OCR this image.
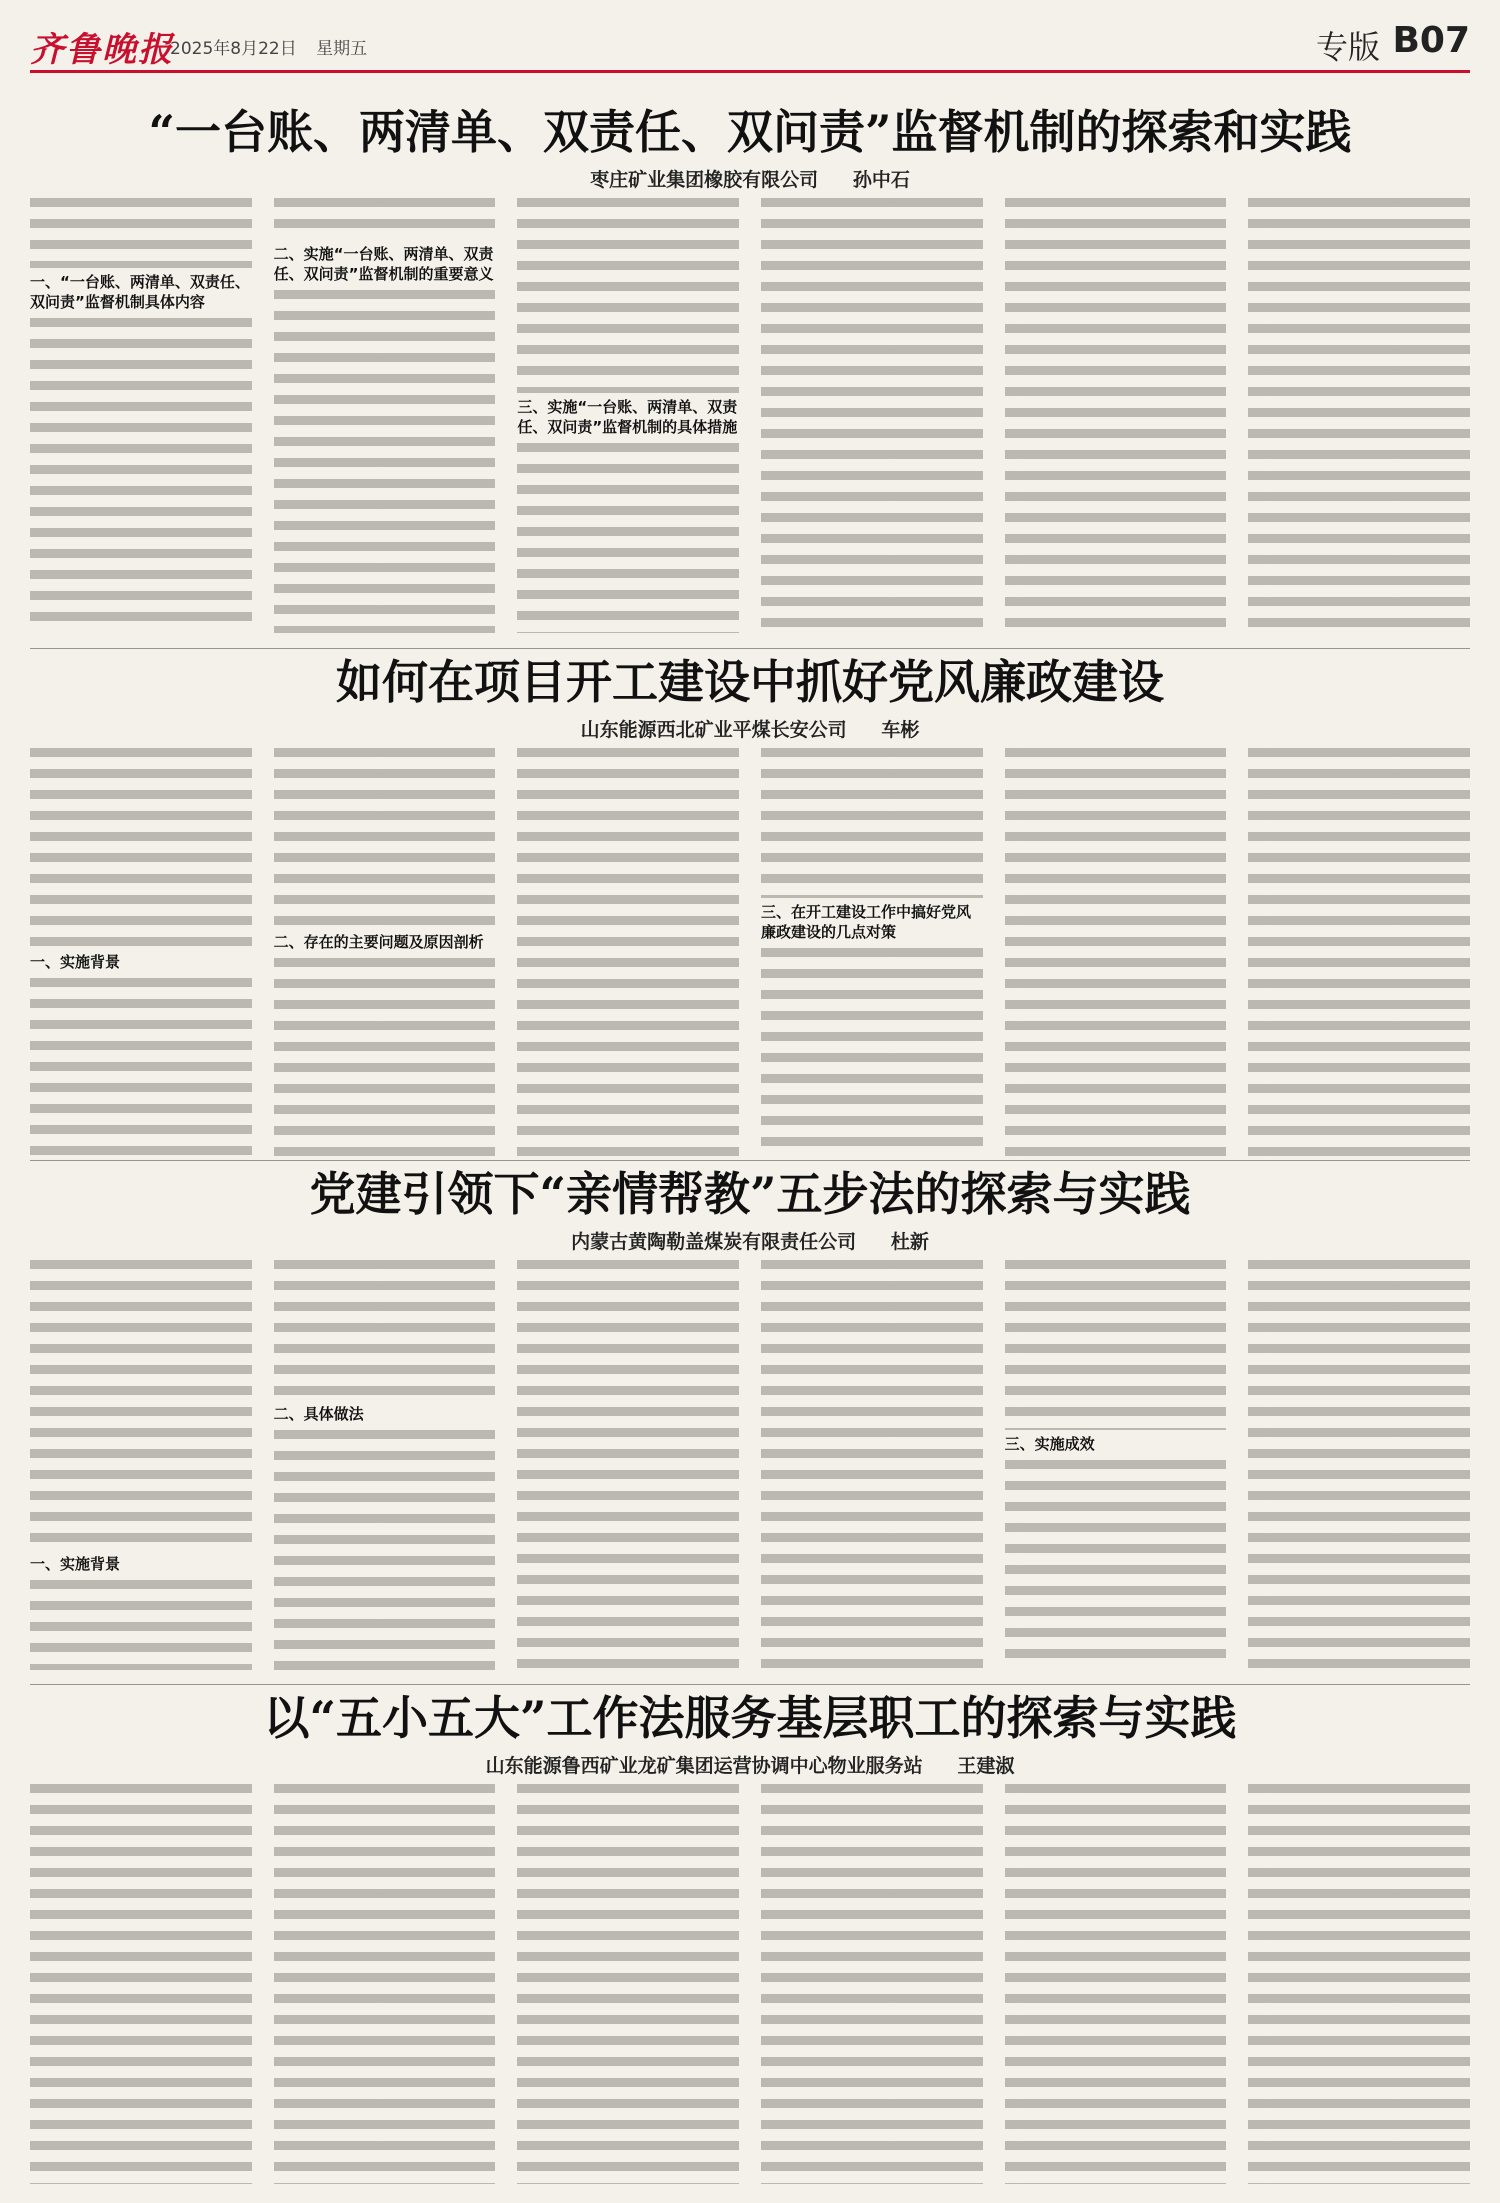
齐鲁晚报
2025年8月22日 星期五	专版 B07
“一台账、两清单、双责任、双问责”监督机制的探索和实践
枣庄矿业集团橡胶有限公司 孙中石
一、“一台账、两清单、双责任、双问责”监督机制具体内容
二、实施“一台账、两清单、双责任、双问责”监督机制的重要意义
三、实施“一台账、两清单、双责任、双问责”监督机制的具体措施
如何在项目开工建设中抓好党风廉政建设
山东能源西北矿业平煤长安公司 车彬
一、实施背景
二、存在的主要问题及原因剖析
三、在开工建设工作中搞好党风廉政建设的几点对策
党建引领下“亲情帮教”五步法的探索与实践
内蒙古黄陶勒盖煤炭有限责任公司 杜新
一、实施背景
二、具体做法
三、实施成效
以“五小五大”工作法服务基层职工的探索与实践
山东能源鲁西矿业龙矿集团运营协调中心物业服务站 王建淑
